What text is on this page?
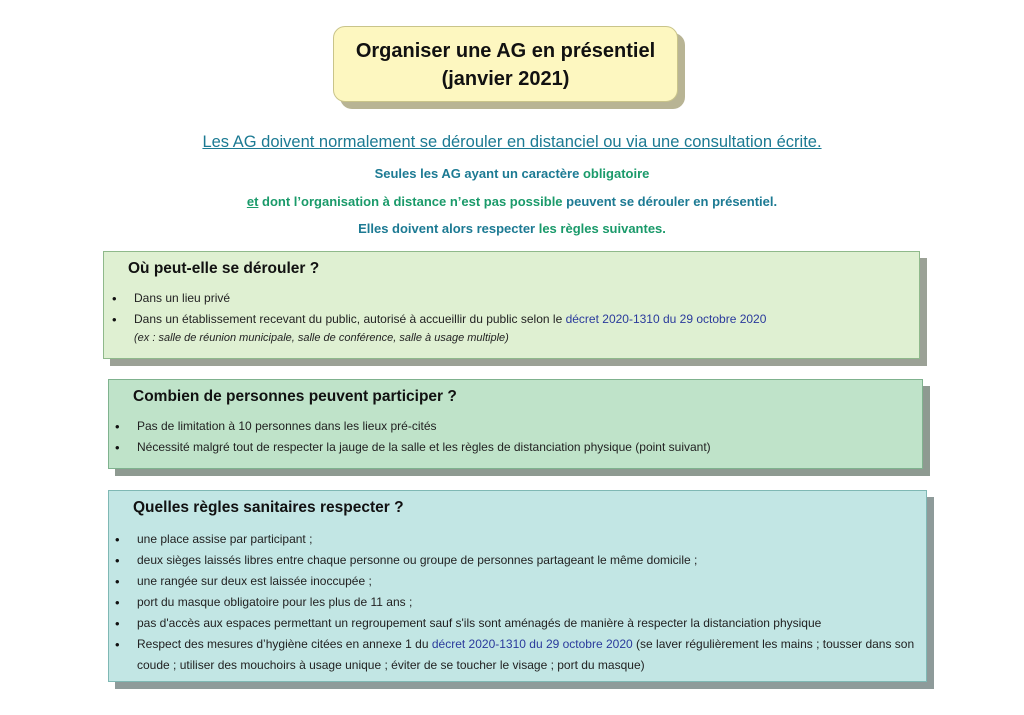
Organiser une AG en présentiel
(janvier 2021)
Les AG doivent normalement se dérouler en distanciel ou via une consultation écrite.
Seules les AG ayant un caractère obligatoire
et dont l’organisation à distance n’est pas possible peuvent se dérouler en présentiel.
Elles doivent alors respecter les règles suivantes.
Où peut-elle se dérouler ?
• Dans un lieu privé
• Dans un établissement recevant du public, autorisé à accueillir du public selon le décret 2020-1310 du 29 octobre 2020
(ex : salle de réunion municipale, salle de conférence, salle à usage multiple)
Combien de personnes peuvent participer ?
• Pas de limitation à 10 personnes dans les lieux pré-cités
• Nécessité malgré tout de respecter la jauge de la salle et les règles de distanciation physique (point suivant)
Quelles règles sanitaires respecter ?
• une place assise par participant ;
• deux sièges laissés libres entre chaque personne ou groupe de personnes partageant le même domicile ;
• une rangée sur deux est laissée inoccupée ;
• port du masque obligatoire pour les plus de 11 ans ;
• pas d'accès aux espaces permettant un regroupement sauf s'ils sont aménagés de manière à respecter la distanciation physique
• Respect des mesures d’hygiène citées en annexe 1 du décret 2020-1310 du 29 octobre 2020 (se laver régulièrement les mains ; tousser dans son coude ; utiliser des mouchoirs à usage unique ; éviter de se toucher le visage ; port du masque)
